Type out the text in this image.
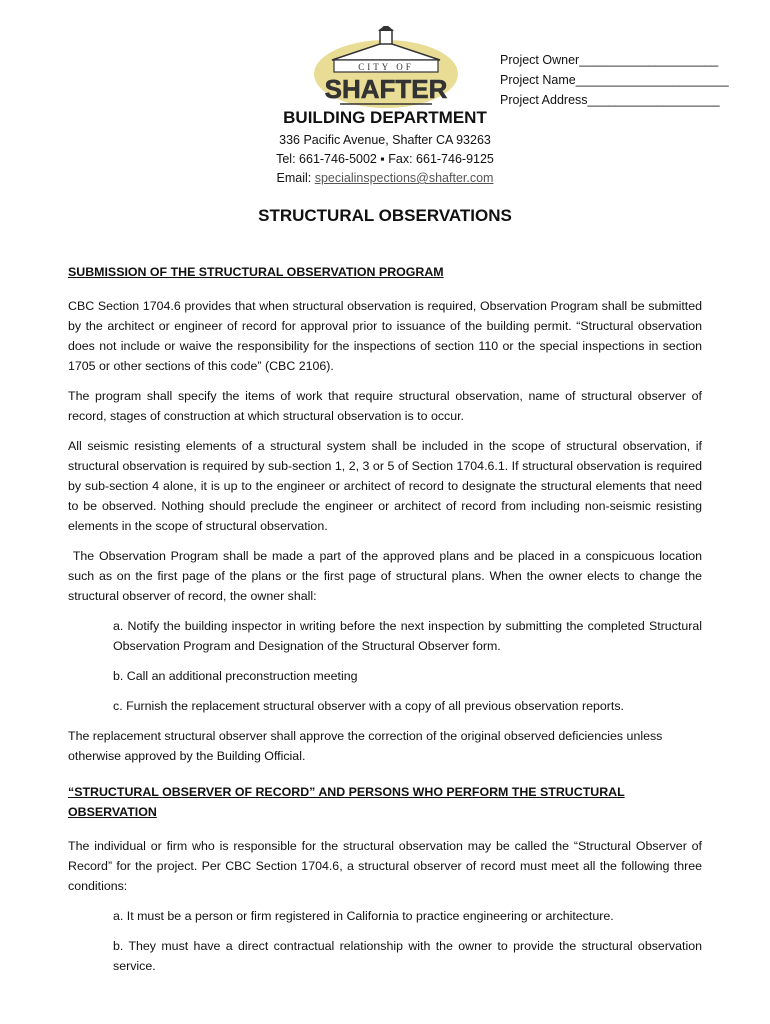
CITY OF
SHAFTER
Project Owner____________________
Project Name______________________
Project Address___________________
BUILDING DEPARTMENT
336 Pacific Avenue, Shafter CA 93263
Tel: 661-746-5002 ▪ Fax: 661-746-9125
Email: specialinspections@shafter.com
STRUCTURAL OBSERVATIONS

SUBMISSION OF THE STRUCTURAL OBSERVATION PROGRAM

CBC Section 1704.6 provides that when structural observation is required, Observation Program shall be submitted by the architect or engineer of record for approval prior to issuance of the building permit. “Structural observation does not include or waive the responsibility for the inspections of section 110 or the special inspections in section 1705 or other sections of this code” (CBC 2106).

The program shall specify the items of work that require structural observation, name of structural observer of record, stages of construction at which structural observation is to occur.

All seismic resisting elements of a structural system shall be included in the scope of structural observation, if structural observation is required by sub-section 1, 2, 3 or 5 of Section 1704.6.1. If structural observation is required by sub-section 4 alone, it is up to the engineer or architect of record to designate the structural elements that need to be observed. Nothing should preclude the engineer or architect of record from including non-seismic resisting elements in the scope of structural observation.

The Observation Program shall be made a part of the approved plans and be placed in a conspicuous location such as on the first page of the plans or the first page of structural plans. When the owner elects to change the structural observer of record, the owner shall:

a. Notify the building inspector in writing before the next inspection by submitting the completed Structural Observation Program and Designation of the Structural Observer form.

b. Call an additional preconstruction meeting

c. Furnish the replacement structural observer with a copy of all previous observation reports.

The replacement structural observer shall approve the correction of the original observed deficiencies unless otherwise approved by the Building Official.

“STRUCTURAL OBSERVER OF RECORD” AND PERSONS WHO PERFORM THE STRUCTURAL OBSERVATION

The individual or firm who is responsible for the structural observation may be called the “Structural Observer of Record” for the project. Per CBC Section 1704.6, a structural observer of record must meet all the following three conditions:

a. It must be a person or firm registered in California to practice engineering or architecture.

b. They must have a direct contractual relationship with the owner to provide the structural observation service.
